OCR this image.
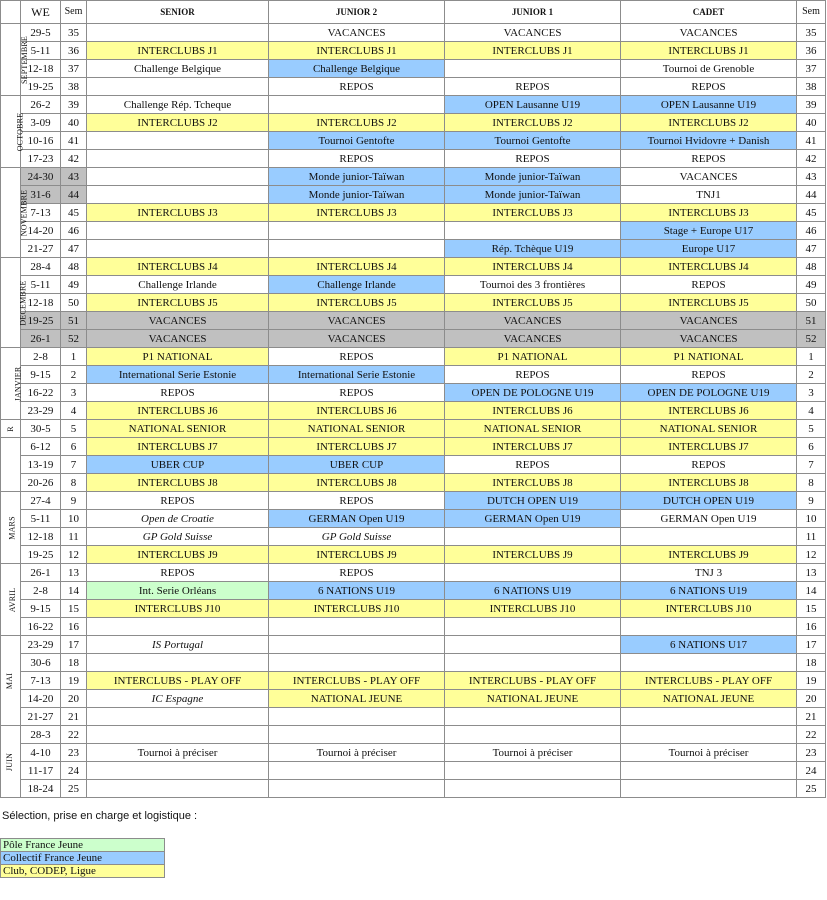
	WE	Sem	SENIOR	JUNIOR 2	JUNIOR 1	CADET	Sem
SEPTEMBRE	29-5	35		VACANCES	VACANCES	VACANCES	35
	5-11	36	INTERCLUBS J1	INTERCLUBS J1	INTERCLUBS J1	INTERCLUBS J1	36
	12-18	37	Challenge Belgique	Challenge Belgique		Tournoi de Grenoble	37
	19-25	38		REPOS	REPOS	REPOS	38
OCTOBRE	26-2	39	Challenge Rép. Tcheque		OPEN Lausanne U19	OPEN Lausanne U19	39
	3-09	40	INTERCLUBS J2	INTERCLUBS J2	INTERCLUBS J2	INTERCLUBS J2	40
	10-16	41		Tournoi Gentofte	Tournoi Gentofte	Tournoi Hvidovre + Danish	41
	17-23	42		REPOS	REPOS	REPOS	42
NOVEMBRE	24-30	43		Monde junior-Taïwan	Monde junior-Taïwan	VACANCES	43
	31-6	44		Monde junior-Taïwan	Monde junior-Taïwan	TNJ1	44
	7-13	45	INTERCLUBS J3	INTERCLUBS J3	INTERCLUBS J3	INTERCLUBS J3	45
	14-20	46				Stage + Europe U17	46
	21-27	47			Rép. Tchèque U19	Europe U17	47
DECEMBRE	28-4	48	INTERCLUBS J4	INTERCLUBS J4	INTERCLUBS J4	INTERCLUBS J4	48
	5-11	49	Challenge Irlande	Challenge Irlande	Tournoi des 3 frontières	REPOS	49
	12-18	50	INTERCLUBS J5	INTERCLUBS J5	INTERCLUBS J5	INTERCLUBS J5	50
	19-25	51	VACANCES	VACANCES	VACANCES	VACANCES	51
	26-1	52	VACANCES	VACANCES	VACANCES	VACANCES	52
JANVIER	2-8	1	P1 NATIONAL	REPOS	P1 NATIONAL	P1 NATIONAL	1
	9-15	2	International Serie Estonie	International Serie Estonie	REPOS	REPOS	2
	16-22	3	REPOS	REPOS	OPEN DE POLOGNE U19	OPEN DE POLOGNE U19	3
	23-29	4	INTERCLUBS J6	INTERCLUBS J6	INTERCLUBS J6	INTERCLUBS J6	4
R	30-5	5	NATIONAL SENIOR	NATIONAL SENIOR	NATIONAL SENIOR	NATIONAL SENIOR	5
	6-12	6	INTERCLUBS J7	INTERCLUBS J7	INTERCLUBS J7	INTERCLUBS J7	6
	13-19	7	UBER CUP	UBER CUP	REPOS	REPOS	7
	20-26	8	INTERCLUBS J8	INTERCLUBS J8	INTERCLUBS J8	INTERCLUBS J8	8
MARS	27-4	9	REPOS	REPOS	DUTCH OPEN U19	DUTCH OPEN U19	9
	5-11	10	Open de Croatie	GERMAN Open U19	GERMAN Open U19	GERMAN Open U19	10
	12-18	11	GP Gold Suisse	GP Gold Suisse			11
	19-25	12	INTERCLUBS J9	INTERCLUBS J9	INTERCLUBS J9	INTERCLUBS J9	12
AVRIL	26-1	13	REPOS	REPOS		TNJ 3	13
	2-8	14	Int. Serie Orléans	6 NATIONS U19	6 NATIONS U19	6 NATIONS U19	14
	9-15	15	INTERCLUBS J10	INTERCLUBS J10	INTERCLUBS J10	INTERCLUBS J10	15
	16-22	16					16
MAI	23-29	17	IS Portugal			6 NATIONS U17	17
	30-6	18					18
	7-13	19	INTERCLUBS - PLAY OFF	INTERCLUBS - PLAY OFF	INTERCLUBS - PLAY OFF	INTERCLUBS - PLAY OFF	19
	14-20	20	IC Espagne	NATIONAL JEUNE	NATIONAL JEUNE	NATIONAL JEUNE	20
	21-27	21					21
JUIN	28-3	22					22
	4-10	23	Tournoi à préciser	Tournoi à préciser	Tournoi à préciser	Tournoi à préciser	23
	11-17	24					24
	18-24	25					25
Sélection, prise en charge et logistique :
Pôle France Jeune
Collectif France Jeune
Club, CODEP, Ligue
